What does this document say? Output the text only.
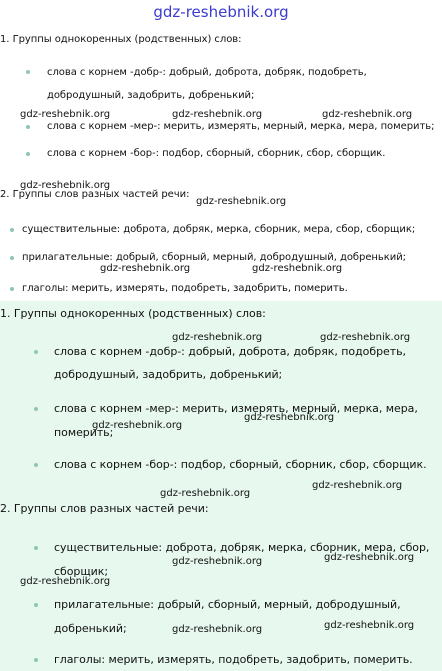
gdz-reshebnik.org
1. Группы однокоренных (родственных) слов:
слова с корнем -добр-: добрый, доброта, добряк, подобреть,
добродушный, задобрить, добренький;
слова с корнем -мер-: мерить, измерять, мерный, мерка, мера, померить;
слова с корнем -бор-: подбор, сборный, сборник, сбор, сборщик.
2. Группы слов разных частей речи:
существительные: доброта, добряк, мерка, сборник, мера, сбор, сборщик;
прилагательные: добрый, сборный, мерный, добродушный, добренький;
глаголы: мерить, измерять, подобреть, задобрить, померить.
gdz-reshebnik.org	gdz-reshebnik.org	gdz-reshebnik.org
gdz-reshebnik.org
gdz-reshebnik.org
gdz-reshebnik.org	gdz-reshebnik.org
1. Группы однокоренных (родственных) слов:
слова с корнем -добр-: добрый, доброта, добряк, подобреть,
добродушный, задобрить, добренький;
слова с корнем -мер-: мерить, измерять, мерный, мерка, мера,
померить;
слова с корнем -бор-: подбор, сборный, сборник, сбор, сборщик.
2. Группы слов разных частей речи:
существительные: доброта, добряк, мерка, сборник, мера, сбор,
сборщик;
прилагательные: добрый, сборный, мерный, добродушный,
добренький;
глаголы: мерить, измерять, подобреть, задобрить, померить.
gdz-reshebnik.org	gdz-reshebnik.org
gdz-reshebnik.org
gdz-reshebnik.org
gdz-reshebnik.org
gdz-reshebnik.org
gdz-reshebnik.org	gdz-reshebnik.org
gdz-reshebnik.org
gdz-reshebnik.org	gdz-reshebnik.org
